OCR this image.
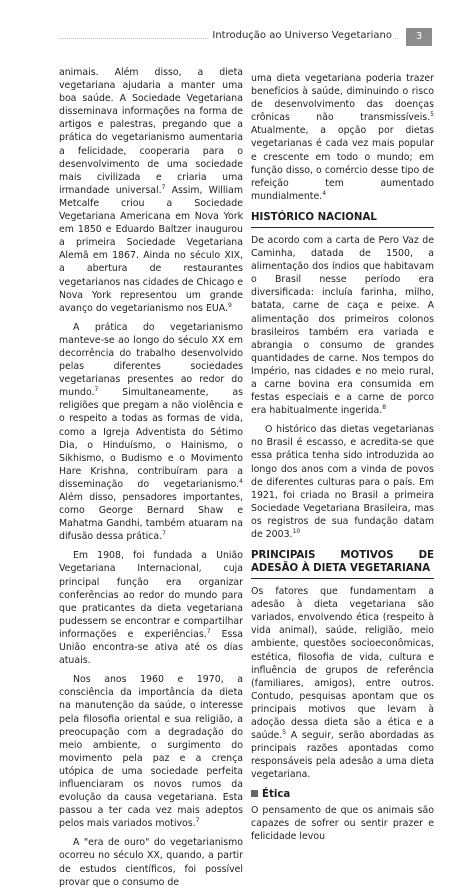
Introdução ao Universo Vegetariano	3

animais. Além disso, a dieta vegetariana ajudaria a manter uma boa saúde. A Sociedade Vegetariana disseminava informações na forma de artigos e palestras, pregando que a prática do vegetarianismo aumentaria a felicidade, cooperaria para o desenvolvimento de uma sociedade mais civilizada e criaria uma irmandade universal.$^7$ Assim, William Metcalfe criou a Sociedade Vegetariana Americana em Nova York em 1850 e Eduardo Baltzer inaugurou a primeira Sociedade Vegetariana Alemã em 1867. Ainda no século XIX, a abertura de restaurantes vegetarianos nas cidades de Chicago e Nova York representou um grande avanço do vegetarianismo nos EUA.$^9$

A prática do vegetarianismo manteve-se ao longo do século XX em decorrência do trabalho desenvolvido pelas diferentes sociedades vegetarianas presentes ao redor do mundo.$^7$ Simultaneamente, as religiões que pregam a não violência e o respeito a todas as formas de vida, como a Igreja Adventista do Sétimo Dia, o Hinduísmo, o Hainismo, o Sikhismo, o Budismo e o Movimento Hare Krishna, contribuíram para a disseminação do vegetarianismo.$^4$ Além disso, pensadores importantes, como George Bernard Shaw e Mahatma Gandhi, também atuaram na difusão dessa prática.$^7$

Em 1908, foi fundada a União Vegetariana Internacional, cuja principal função era organizar conferências ao redor do mundo para que praticantes da dieta vegetariana pudessem se encontrar e compartilhar informações e experiências.$^7$ Essa União encontra-se ativa até os dias atuais.

Nos anos 1960 e 1970, a consciência da importância da dieta na manutenção da saúde, o interesse pela filosofia oriental e sua religião, a preocupação com a degradação do meio ambiente, o surgimento do movimento pela paz e a crença utópica de uma sociedade perfeita influenciaram os novos rumos da evolução da causa vegetariana. Esta passou a ter cada vez mais adeptos pelos mais variados motivos.$^7$

A "era de ouro" do vegetarianismo ocorreu no século XX, quando, a partir de estudos científicos, foi possível provar que o consumo de

uma dieta vegetariana poderia trazer benefícios à saúde, diminuindo o risco de desenvolvimento das doenças crônicas não transmissíveis.$^5$ Atualmente, a opção por dietas vegetarianas é cada vez mais popular e crescente em todo o mundo; em função disso, o comércio desse tipo de refeição tem aumentado mundialmente.$^4$

HISTÓRICO NACIONAL

De acordo com a carta de Pero Vaz de Caminha, datada de 1500, a alimentação dos índios que habitavam o Brasil nesse período era diversificada: incluía farinha, milho, batata, carne de caça e peixe. A alimentação dos primeiros colonos brasileiros também era variada e abrangia o consumo de grandes quantidades de carne. Nos tempos do Império, nas cidades e no meio rural, a carne bovina era consumida em festas especiais e a carne de porco era habitualmente ingerida.$^8$

O histórico das dietas vegetarianas no Brasil é escasso, e acredita-se que essa prática tenha sido introduzida ao longo dos anos com a vinda de povos de diferentes culturas para o país. Em 1921, foi criada no Brasil a primeira Sociedade Vegetariana Brasileira, mas os registros de sua fundação datam de 2003.10

PRINCIPAIS MOTIVOS DE ADESÃO À DIETA VEGETARIANA

Os fatores que fundamentam a adesão à dieta vegetariana são variados, envolvendo ética (respeito à vida animal), saúde, religião, meio ambiente, questões socioeconômicas, estética, filosofia de vida, cultura e influência de grupos de referência (familiares, amigos), entre outros. Contudo, pesquisas apontam que os principais motivos que levam à adoção dessa dieta são a ética e a saúde.$^5$ A seguir, serão abordadas as principais razões apontadas como responsáveis pela adesão a uma dieta vegetariana.

Ética

O pensamento de que os animais são capazes de sofrer ou sentir prazer e felicidade levou
